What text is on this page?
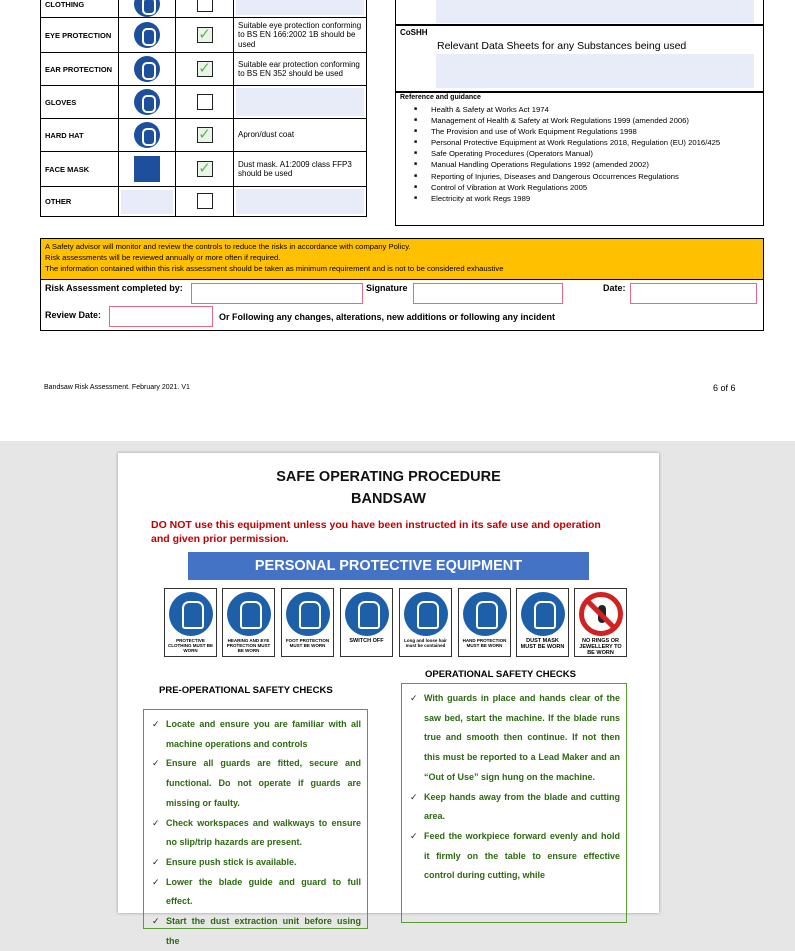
CLOTHING			

EYE PROTECTION		✓	Suitable eye protection conforming to BS EN 166:2002 1B should be used
EAR PROTECTION		✓	Suitable ear protection conforming to BS EN 352 should be used
GLOVES			

HARD HAT		✓	Apron/dust coat
FACE MASK		✓	Dust mask. A1:2009 class FFP3 should be used
OTHER	

CoSHH
Relevant Data Sheets for any Substances being used
Reference and guidance
■ Health & Safety at Works Act 1974
■ Management of Health & Safety at Work Regulations 1999 (amended 2006)
■ The Provision and use of Work Equipment Regulations 1998
■ Personal Protective Equipment at Work Regulations 2018, Regulation (EU) 2016/425
■ Safe Operating Procedures (Operators Manual)
■ Manual Handling Operations Regulations 1992 (amended 2002)
■ Reporting of Injuries, Diseases and Dangerous Occurrences Regulations
■ Control of Vibration at Work Regulations 2005
■ Electricity at work Regs 1989
A Safety advisor will monitor and review the controls to reduce the risks in accordance with company Policy.
Risk assessments will be reviewed annually or more often if required.
The information contained within this risk assessment should be taken as minimum requirement and is not to be considered exhaustive
Risk Assessment completed by:	Signature	Date:
Review Date:	Or Following any changes, alterations, new additions or following any incident
Bandsaw Risk Assessment. February 2021. V1	6 of 6
SAFE OPERATING PROCEDURE
BANDSAW
DO NOT use this equipment unless you have been instructed in its safe use and operation and given prior permission.
PERSONAL PROTECTIVE EQUIPMENT
PROTECTIVE CLOTHING MUST BE WORN
HEARING AND EYE PROTECTION MUST BE WORN
FOOT PROTECTION MUST BE WORN
SWITCH OFF	Long and loose hair must be contained
HAND PROTECTION MUST BE WORN
DUST MASK MUST BE WORN
NO RINGS OR JEWELLERY TO BE WORN
PRE-OPERATIONAL SAFETY CHECKS
OPERATIONAL SAFETY CHECKS
✓ Locate and ensure you are familiar with all machine operations and controls
✓ Ensure all guards are fitted, secure and functional. Do not operate if guards are missing or faulty.
✓ Check workspaces and walkways to ensure no slip/trip hazards are present.
✓ Ensure push stick is available.
✓ Lower the blade guide and guard to full effect.
✓ Start the dust extraction unit before using the
✓ With guards in place and hands clear of the saw bed, start the machine. If the blade runs true and smooth then continue. If not then this must be reported to a Lead Maker and an “Out of Use” sign hung on the machine.
✓ Keep hands away from the blade and cutting area.
✓ Feed the workpiece forward evenly and hold it firmly on the table to ensure effective control during cutting, while
